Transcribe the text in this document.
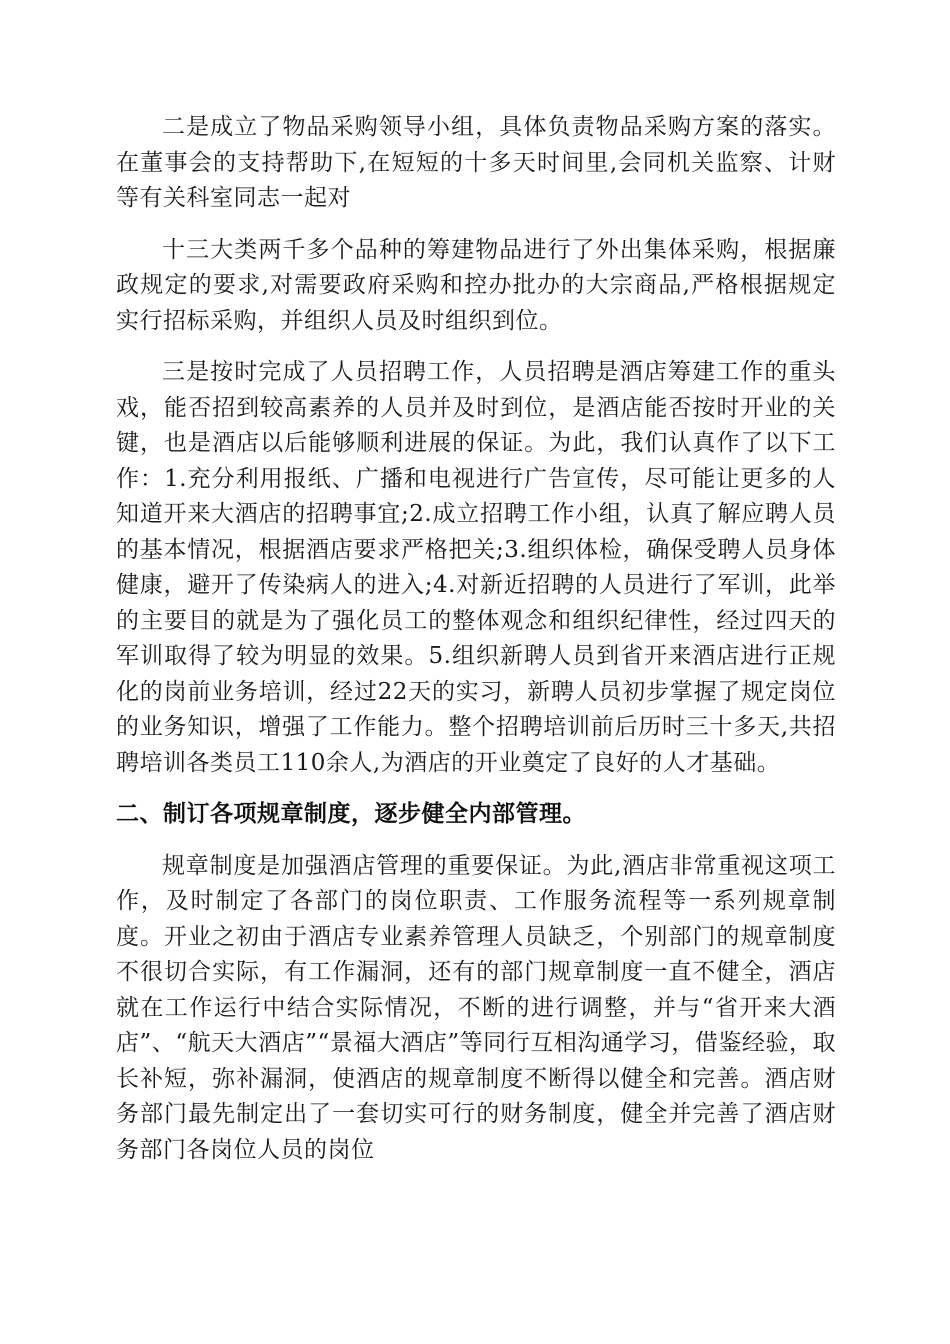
二是成立了物品采购领导小组，具体负责物品采购方案的落实。在董事会的支持帮助下,在短短的十多天时间里,会同机关监察、计财等有关科室同志一起对

十三大类两千多个品种的筹建物品进行了外出集体采购，根据廉政规定的要求,对需要政府采购和控办批办的大宗商品,严格根据规定实行招标采购，并组织人员及时组织到位。

三是按时完成了人员招聘工作，人员招聘是酒店筹建工作的重头戏，能否招到较高素养的人员并及时到位，是酒店能否按时开业的关键，也是酒店以后能够顺利进展的保证。为此，我们认真作了以下工作：1.充分利用报纸、广播和电视进行广告宣传，尽可能让更多的人知道开来大酒店的招聘事宜;2.成立招聘工作小组，认真了解应聘人员的基本情况，根据酒店要求严格把关;3.组织体检，确保受聘人员身体健康，避开了传染病人的进入;4.对新近招聘的人员进行了军训，此举的主要目的就是为了强化员工的整体观念和组织纪律性，经过四天的军训取得了较为明显的效果。5.组织新聘人员到省开来酒店进行正规化的岗前业务培训，经过22天的实习，新聘人员初步掌握了规定岗位的业务知识，增强了工作能力。整个招聘培训前后历时三十多天,共招聘培训各类员工110余人,为酒店的开业奠定了良好的人才基础。

二、制订各项规章制度，逐步健全内部管理。

规章制度是加强酒店管理的重要保证。为此,酒店非常重视这项工作，及时制定了各部门的岗位职责、工作服务流程等一系列规章制度。开业之初由于酒店专业素养管理人员缺乏，个别部门的规章制度不很切合实际，有工作漏洞，还有的部门规章制度一直不健全，酒店就在工作运行中结合实际情况，不断的进行调整，并与“省开来大酒店”、“航天大酒店”“景福大酒店”等同行互相沟通学习，借鉴经验，取长补短，弥补漏洞，使酒店的规章制度不断得以健全和完善。酒店财务部门最先制定出了一套切实可行的财务制度，健全并完善了酒店财务部门各岗位人员的岗位
